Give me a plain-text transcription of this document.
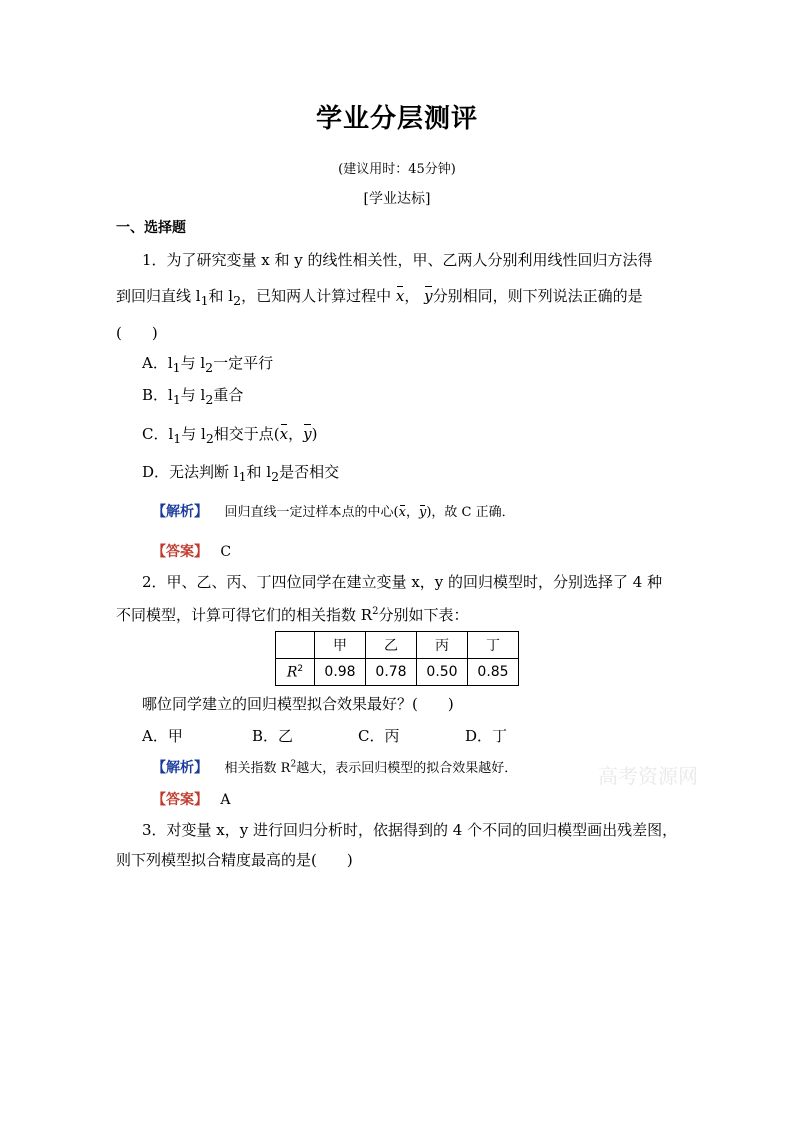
学业分层测评
(建议用时：45分钟)
[学业达标]
一、选择题
1．为了研究变量 x 和 y 的线性相关性，甲、乙两人分别利用线性回归方法得
到回归直线 $l_1$和 $l_2$，已知两人计算过程中 x， y分别相同，则下列说法正确的是
(　　)
A．$l_1$与 $l_2$一定平行
B．$l_1$与 $l_2$重合
C．$l_1$与 $l_2$相交于点(x，y)
D．无法判断 $l_1$和 $l_2$是否相交
【解析】 回归直线一定过样本点的中心(x，y)，故 C 正确．
【答案】 C
2．甲、乙、丙、丁四位同学在建立变量 x，y 的回归模型时，分别选择了 4 种
不同模型，计算可得它们的相关指数 $R^2$分别如下表：
	甲	乙	丙	丁
$R^2$	0.98	0.78	0.50	0.85
哪位同学建立的回归模型拟合效果最好？(　　)
A．甲	B．乙	C．丙	D．丁
【解析】 相关指数 $R^2$越大，表示回归模型的拟合效果越好．	高考资源网
【答案】 A
3．对变量 x，y 进行回归分析时，依据得到的 4 个不同的回归模型画出残差图，
则下列模型拟合精度最高的是(　　)
